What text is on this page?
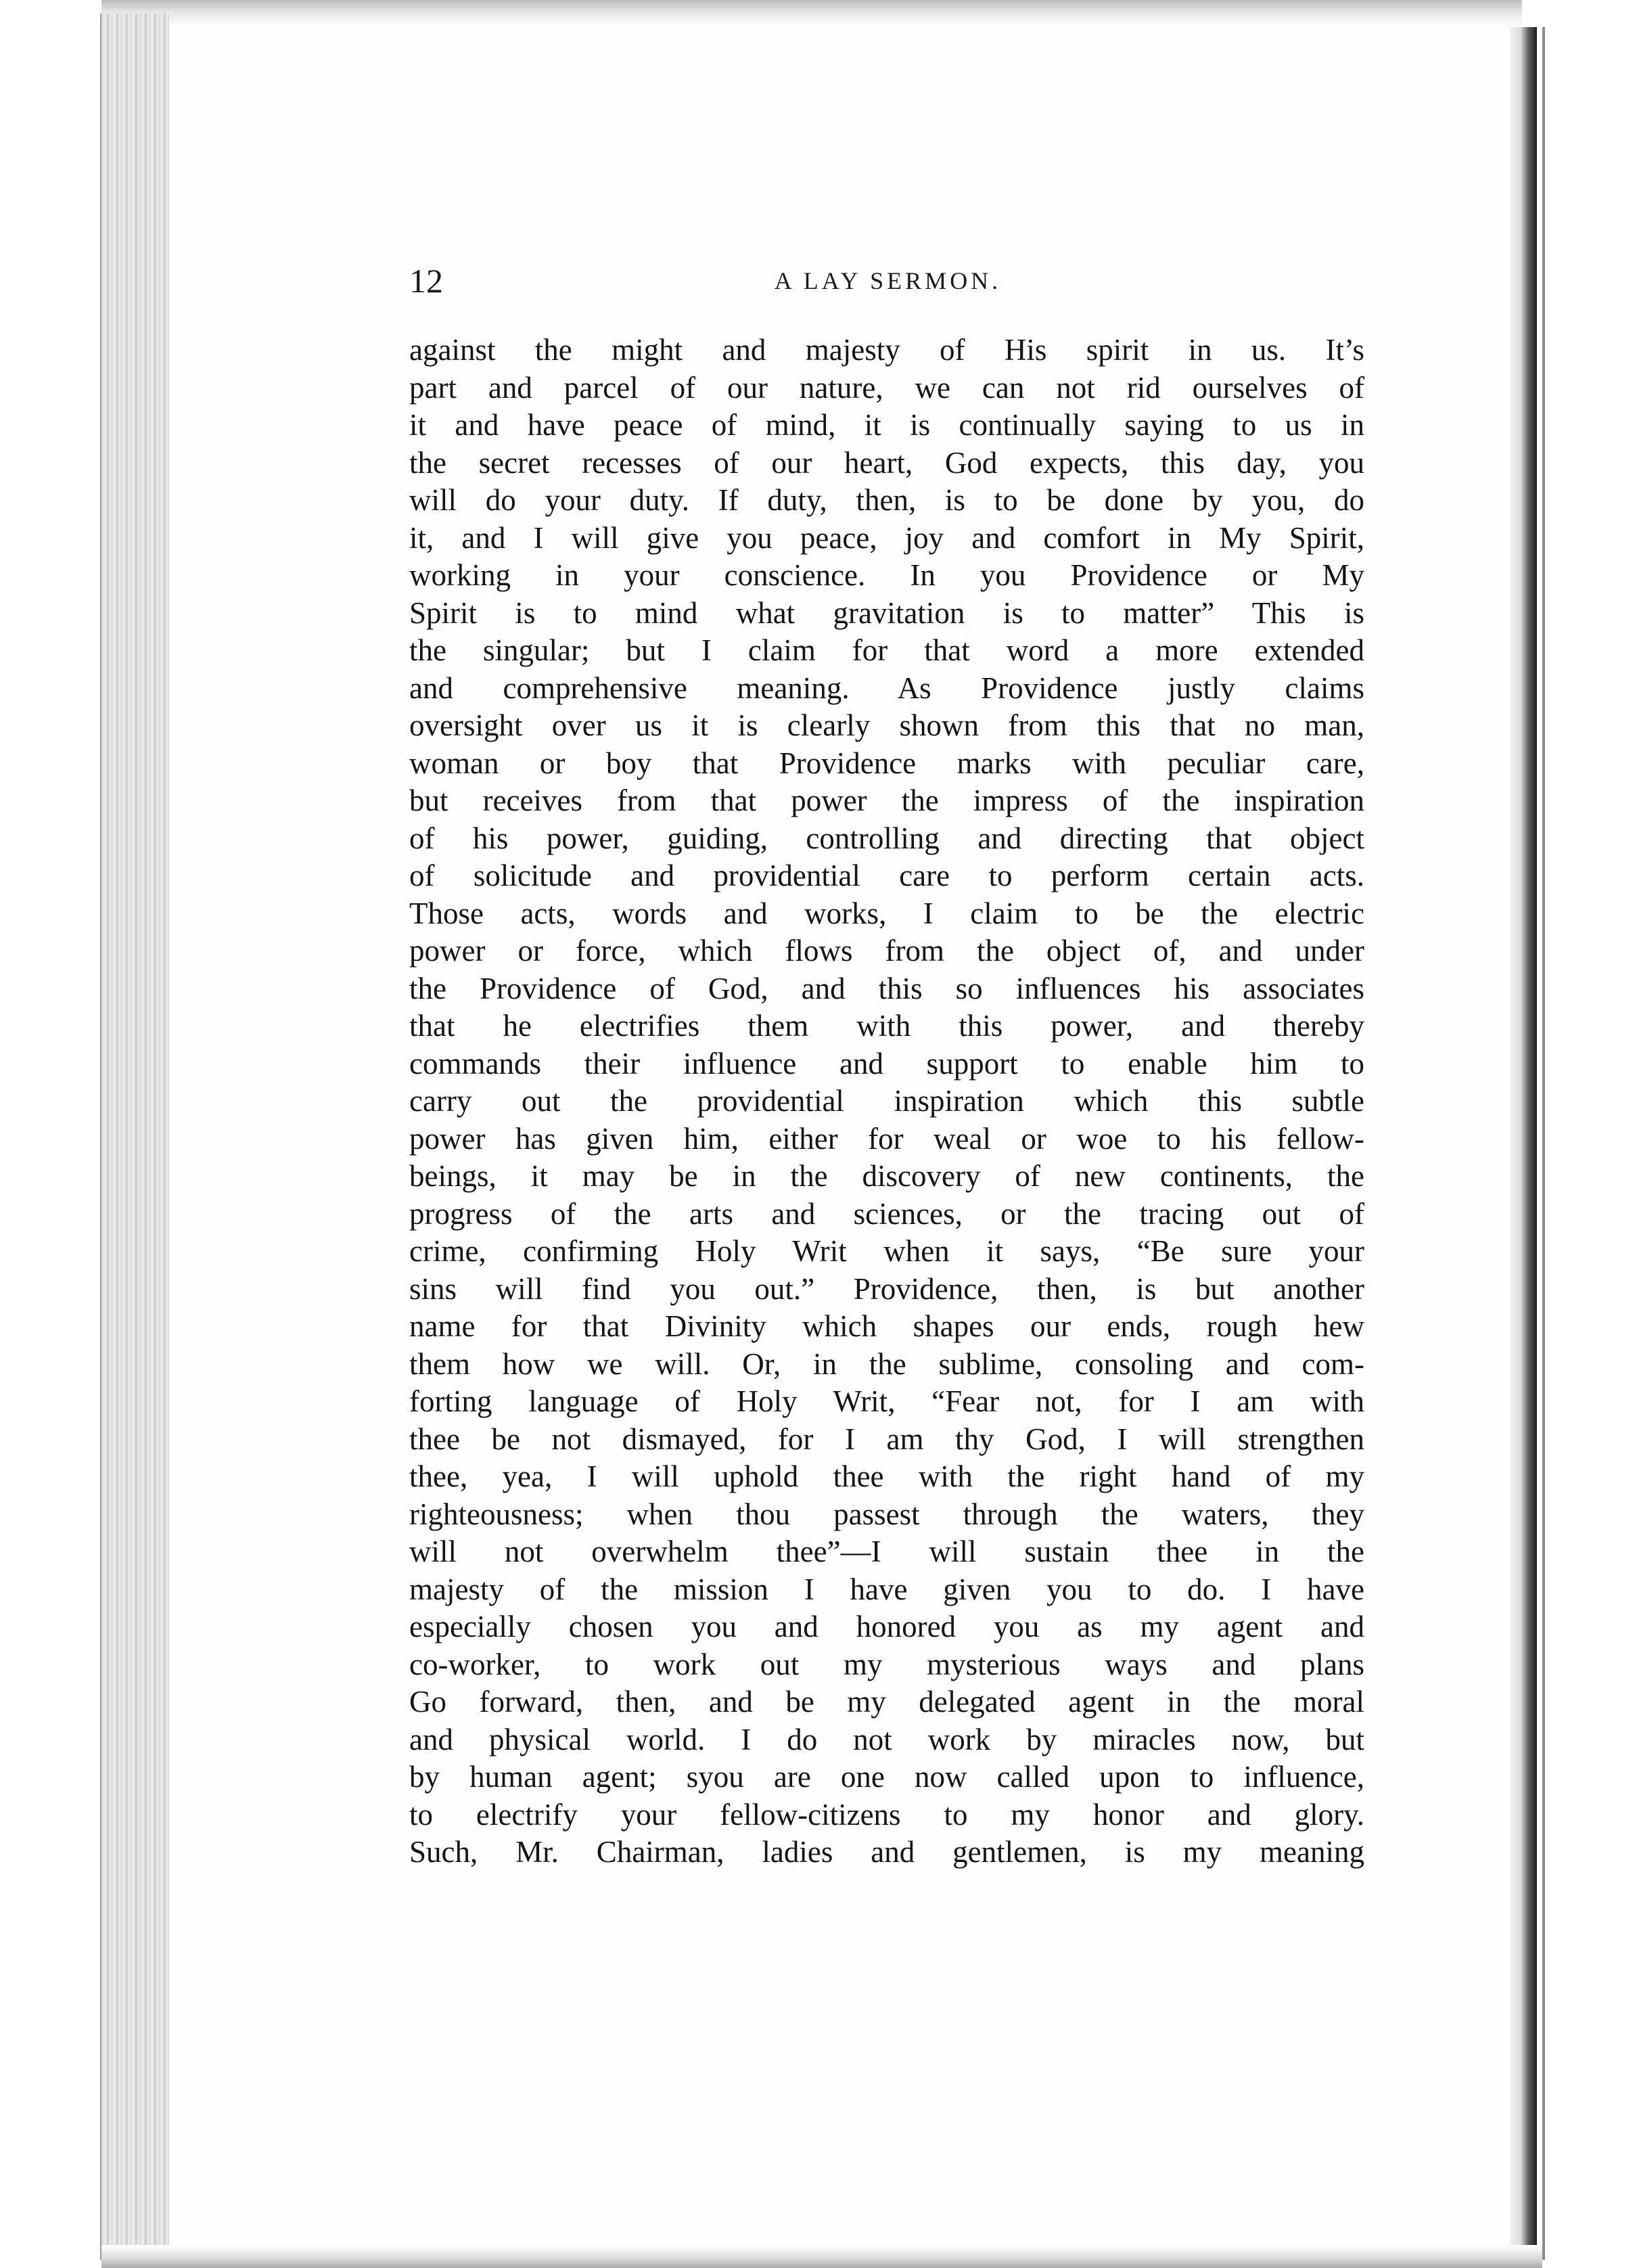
12	A LAY SERMON.
against the might and majesty of His spirit in us. It’s
part and parcel of our nature, we can not rid ourselves of
it and have peace of mind, it is continually saying to us in
the secret recesses of our heart, God expects, this day, you
will do your duty. If duty, then, is to be done by you, do
it, and I will give you peace, joy and comfort in My Spirit,
working in your conscience. In you Providence or My
Spirit is to mind what gravitation is to matter” This is
the singular; but I claim for that word a more extended
and comprehensive meaning. As Providence justly claims
oversight over us it is clearly shown from this that no man,
woman or boy that Providence marks with peculiar care,
but receives from that power the impress of the inspiration
of his power, guiding, controlling and directing that object
of solicitude and providential care to perform certain acts.
Those acts, words and works, I claim to be the electric
power or force, which flows from the object of, and under
the Providence of God, and this so influences his associates
that he electrifies them with this power, and thereby
commands their influence and support to enable him to
carry out the providential inspiration which this subtle
power has given him, either for weal or woe to his fellow-
beings, it may be in the discovery of new continents, the
progress of the arts and sciences, or the tracing out of
crime, confirming Holy Writ when it says, “Be sure your
sins will find you out.” Providence, then, is but another
name for that Divinity which shapes our ends, rough hew
them how we will. Or, in the sublime, consoling and com-
forting language of Holy Writ, “Fear not, for I am with
thee be not dismayed, for I am thy God, I will strengthen
thee, yea, I will uphold thee with the right hand of my
righteousness; when thou passest through the waters, they
will not overwhelm thee”—I will sustain thee in the
majesty of the mission I have given you to do. I have
especially chosen you and honored you as my agent and
co-worker, to work out my mysterious ways and plans
Go forward, then, and be my delegated agent in the moral
and physical world. I do not work by miracles now, but
by human agent; syou are one now called upon to influence,
to electrify your fellow-citizens to my honor and glory.
Such, Mr. Chairman, ladies and gentlemen, is my meaning
